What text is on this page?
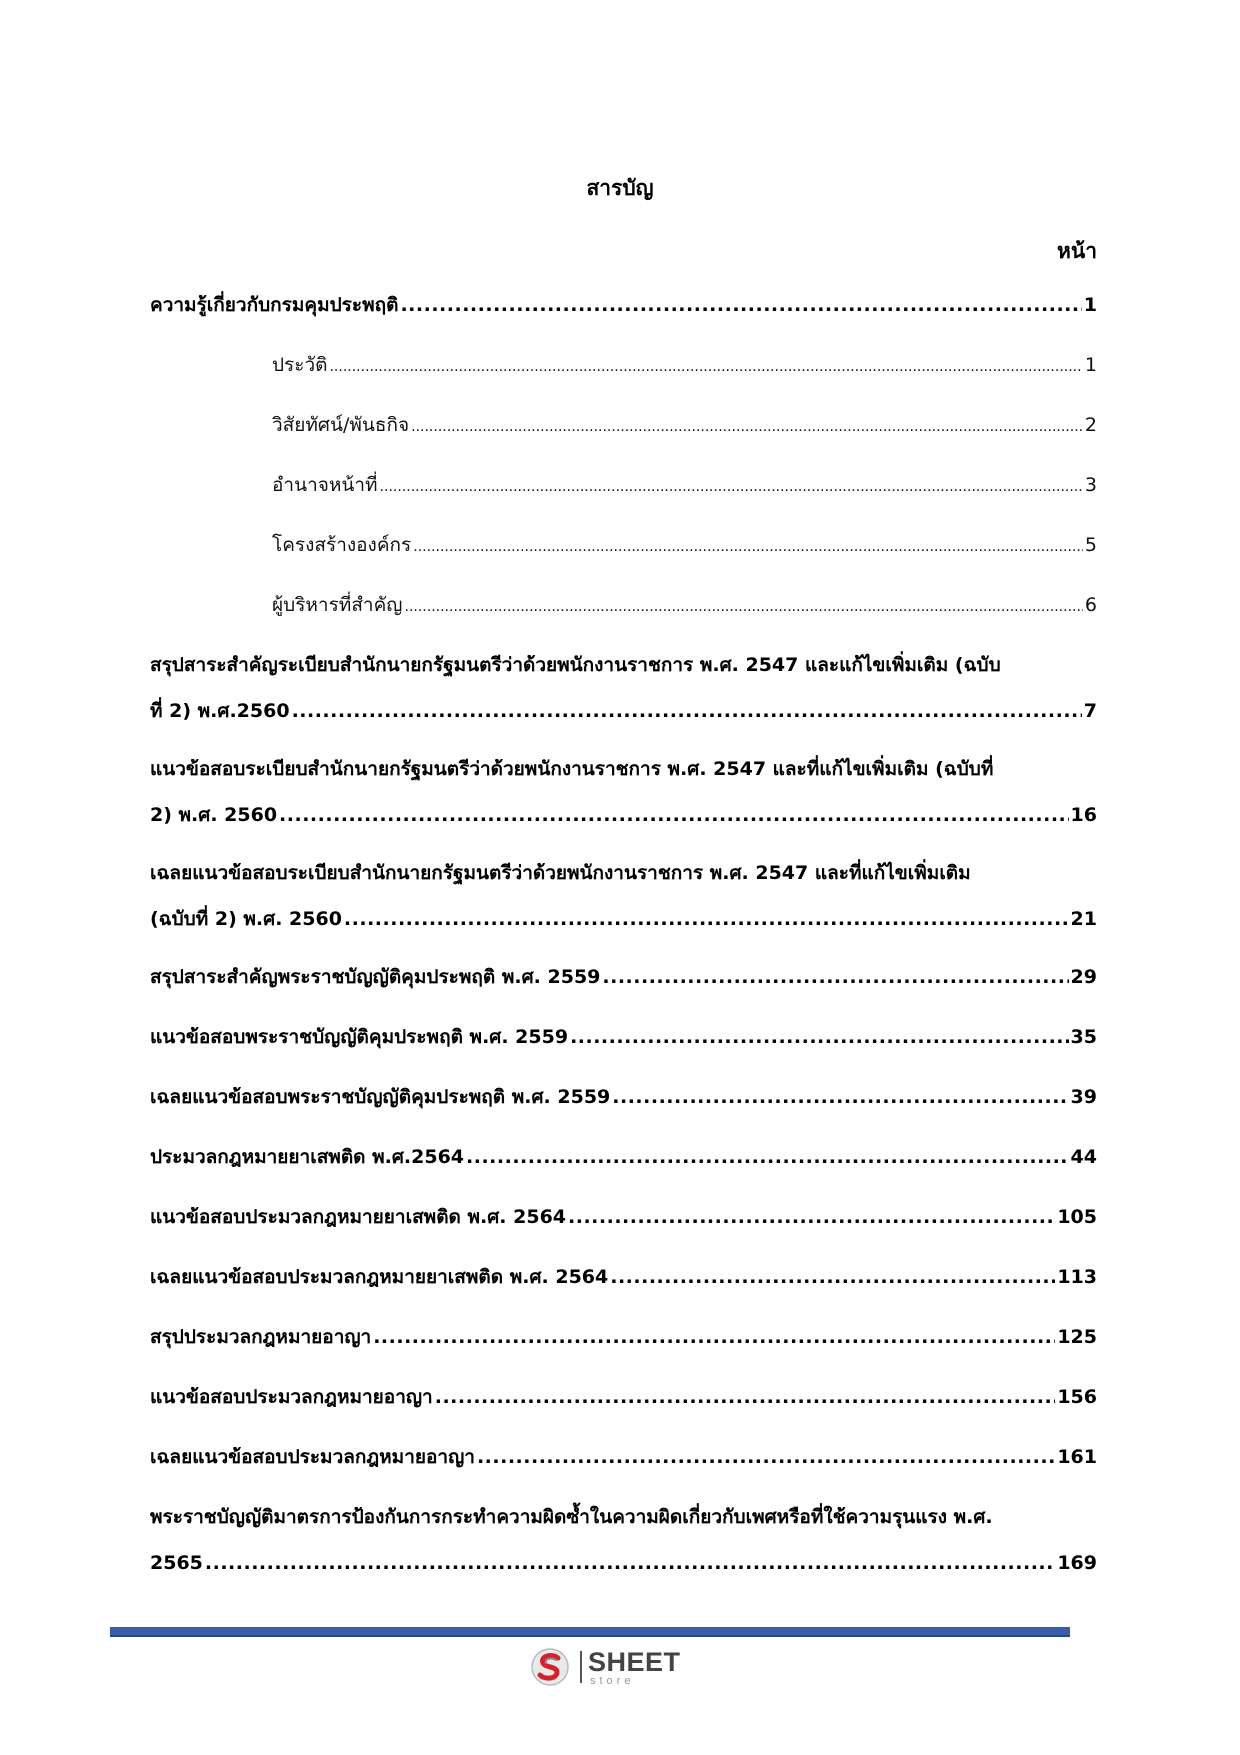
สารบัญ
หน้า
ความรู้เกี่ยวกับกรมคุมประพฤติ .....	1
ประวัติ .....	1
วิสัยทัศน์/พันธกิจ .....	2
อำนาจหน้าที่ .....	3
โครงสร้างองค์กร .....	5
ผู้บริหารที่สำคัญ .....	6
สรุปสาระสำคัญระเบียบสำนักนายกรัฐมนตรีว่าด้วยพนักงานราชการ พ.ศ. 2547 และแก้ไขเพิ่มเติม (ฉบับ
ที่ 2) พ.ศ.2560 .....	7
แนวข้อสอบระเบียบสำนักนายกรัฐมนตรีว่าด้วยพนักงานราชการ พ.ศ. 2547 และที่แก้ไขเพิ่มเติม (ฉบับที่
2) พ.ศ. 2560 .....	16
เฉลยแนวข้อสอบระเบียบสำนักนายกรัฐมนตรีว่าด้วยพนักงานราชการ พ.ศ. 2547 และที่แก้ไขเพิ่มเติม
(ฉบับที่ 2) พ.ศ. 2560 .....	21
สรุปสาระสำคัญพระราชบัญญัติคุมประพฤติ พ.ศ. 2559 .....	29
แนวข้อสอบพระราชบัญญัติคุมประพฤติ พ.ศ. 2559 .....	35
เฉลยแนวข้อสอบพระราชบัญญัติคุมประพฤติ พ.ศ. 2559 .....	39
ประมวลกฎหมายยาเสพติด พ.ศ.2564 .....	44
แนวข้อสอบประมวลกฎหมายยาเสพติด พ.ศ. 2564 .....	105
เฉลยแนวข้อสอบประมวลกฎหมายยาเสพติด พ.ศ. 2564 .....	113
สรุปประมวลกฎหมายอาญา .....	125
แนวข้อสอบประมวลกฎหมายอาญา .....	156
เฉลยแนวข้อสอบประมวลกฎหมายอาญา .....	161
พระราชบัญญัติมาตรการป้องกันการกระทำความผิดซ้ำในความผิดเกี่ยวกับเพศหรือที่ใช้ความรุนแรง พ.ศ.
2565 .....	169
SHEET
store
